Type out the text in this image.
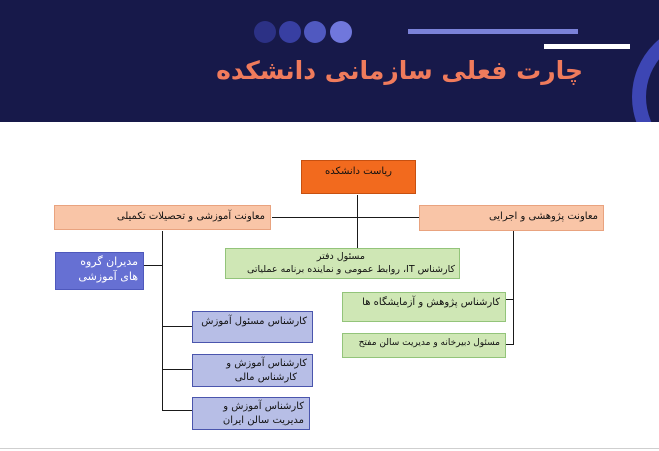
چارت فعلی سازمانی دانشکده
ریاست دانشکده
معاونت آموزشی و تحصیلات تکمیلی	معاونت پژوهشی و اجرایی
مسئول دفتر
کارشناس IT، روابط عمومی و نماینده برنامه عملیاتی
مدیران گروه های آموزشی
کارشناس مسئول آموزش
کارشناس آموزش و
کارشناس مالی
کارشناس آموزش و
مدیریت سالن ایران
کارشناس پژوهش و آزمایشگاه ها
مسئول دبیرخانه و مدیریت سالن مفتح
